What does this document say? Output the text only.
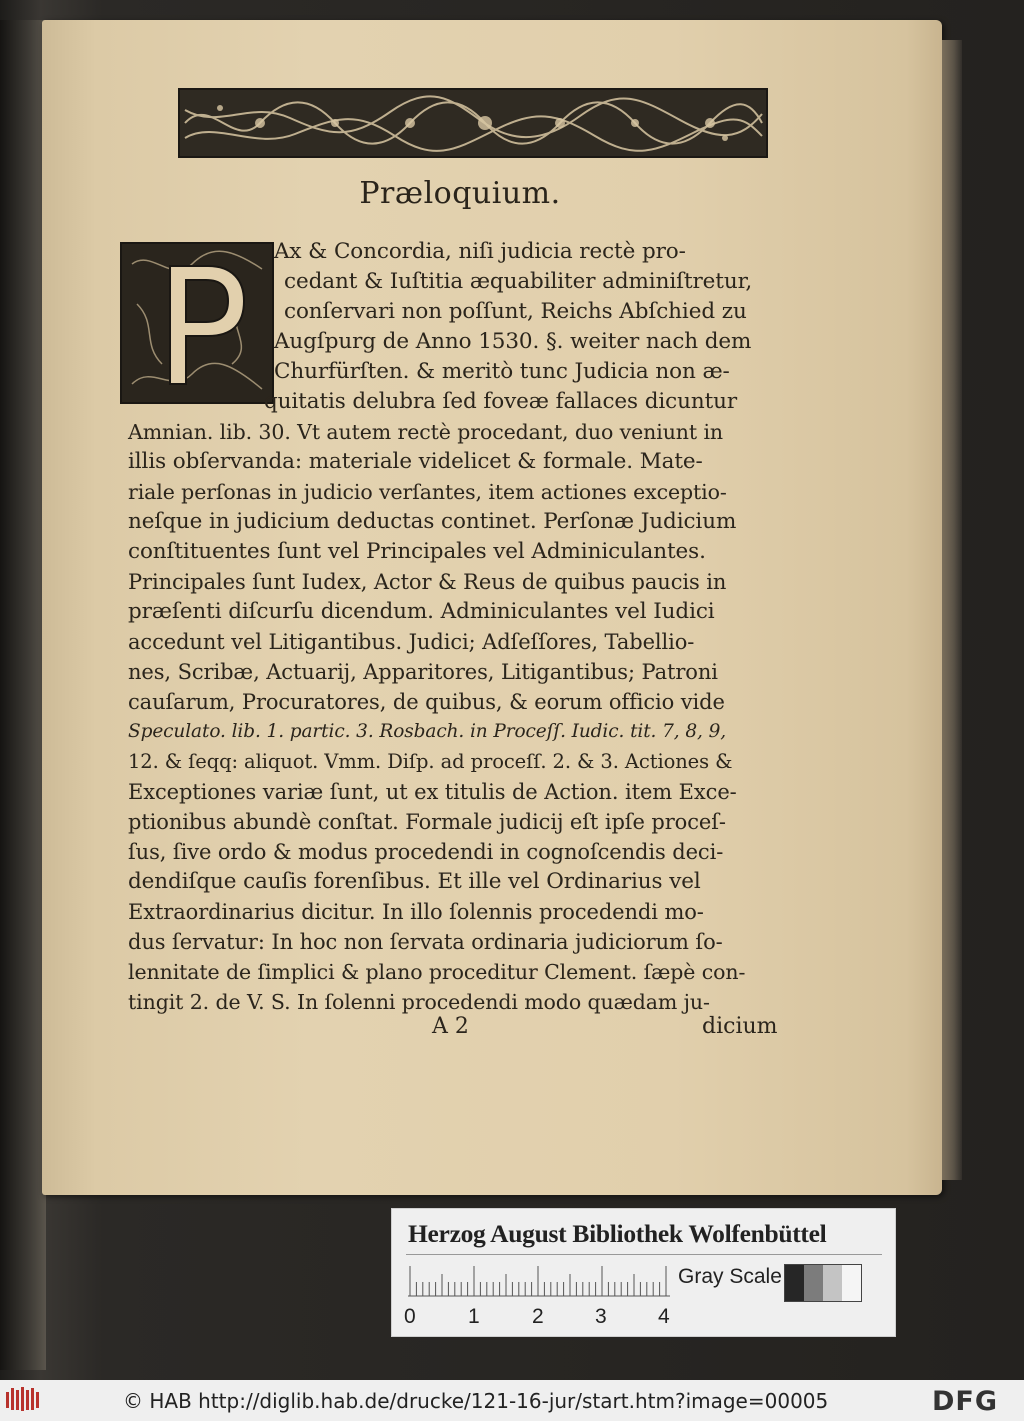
Præloquium.
Ax & Concordia, niſi judicia rectè pro-
cedant & Iuſtitia æquabiliter adminiſtretur,
conſervari non poſſunt, Reichs Abſchied zu
Augſpurg de Anno 1530. §. weiter nach dem
Churfürſten. & meritò tunc Judicia non æ-
quitatis delubra ſed foveæ fallaces dicuntur
Amnian. lib. 30. Vt autem rectè procedant, duo veniunt in
illis obſervanda: materiale videlicet & formale. Mate-
riale perſonas in judicio verſantes, item actiones exceptio-
neſque in judicium deductas continet. Perſonæ Judicium
conſtituentes ſunt vel Principales vel Adminiculantes.
Principales ſunt Iudex, Actor & Reus de quibus paucis in
præſenti diſcurſu dicendum. Adminiculantes vel Iudici
accedunt vel Litigantibus. Judici; Adſeſſores, Tabellio-
nes, Scribæ, Actuarij, Apparitores, Litigantibus; Patroni
cauſarum, Procuratores, de quibus, & eorum officio vide
Speculato. lib. 1. partic. 3. Rosbach. in Proceſſ. Iudic. tit. 7, 8, 9,
12. & ſeqq: aliquot. Vmm. Diſp. ad proceſſ. 2. & 3. Actiones &
Exceptiones variæ ſunt, ut ex titulis de Action. item Exce-
ptionibus abundè conſtat. Formale judicij eſt ipſe proceſ-
ſus, ſive ordo & modus procedendi in cognoſcendis deci-
dendiſque cauſis forenſibus. Et ille vel Ordinarius vel
Extraordinarius dicitur. In illo ſolennis procedendi mo-
dus ſervatur: In hoc non ſervata ordinaria judiciorum ſo-
lennitate de ſimplici & plano proceditur Clement. ſæpè con-
tingit 2. de V. S. In ſolenni procedendi modo quædam ju-
A 2	dicium
Herzog August Bibliothek Wolfenbüttel
Gray Scale
0 1 2 3 4
© HAB http://diglib.hab.de/drucke/121-16-jur/start.htm?image=00005	DFG
